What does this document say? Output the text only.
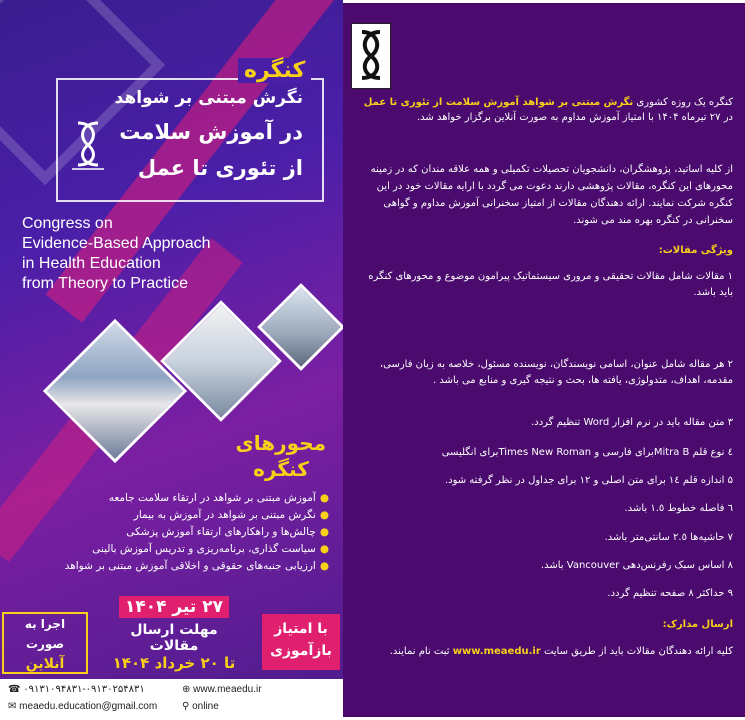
کنگره
نگرش مبتنی بر شواهد
در آموزش سلامت
از تئوری تا عمل
Congress on
Evidence-Based Approach
in Health Education
from Theory to Practice
محورهای
کنگره
●آموزش مبتنی بر شواهد در ارتقاء سلامت جامعه
●نگرش مبتنی بر شواهد در آموزش به بیمار
●چالش‌ها و راهکارهای ارتقاء آموزش پزشکی
●سیاست گذاری، برنامه‌ریزی و تدریس آموزش بالینی
●ارزیابی جنبه‌های حقوقی و اخلاقی آموزش مبتنی بر شواهد
۲۷ تیر ۱۴۰۴
مهلت ارسال مقالات
تا ۲۰ خرداد ۱۴۰۴
اجرا به صورت
آنلاین
با امتیاز
بازآموزی
☎ ۰۹۱۳۱۰۹۴۸۳۱-۰۹۱۳۰۲۵۴۸۳۱	⊕ www.meaedu.ir
✉ meaedu.education@gmail.com ⚲ online
کنگره یک روزه کشوری نگرش مبتنی بر شواهد آموزش سلامت از تئوری تا عمل در ۲۷ تیرماه ۱۴۰۴ با امتیاز آموزش مداوم به صورت آنلاین برگزار خواهد شد.
از کلیه اساتید، پژوهشگران، دانشجویان تحصیلات تکمیلی و همه علاقه مندان که در زمینه محورهای این کنگره، مقالات پژوهشی دارند دعوت می گردد با ارایه مقالات خود در این کنگره شرکت نمایند. ارائه دهندگان مقالات از امتیاز سخنرانی آموزش مداوم و گواهی سخنرانی در کنگره بهره مند می شوند.
ویژگی مقالات:
۱ مقالات شامل مقالات تحقیقی و مروری سیستماتیک پیرامون موضوع و محورهای کنگره باید باشد.
۲ هر مقاله شامل عنوان، اسامی نویسندگان، نویسنده مسئول، خلاصه به زبان فارسی، مقدمه، اهداف، متدولوژی، یافته ها، بحث و نتیجه گیری و منابع می باشد .
۳ متن مقاله باید در نرم افزار Word تنظیم گردد.
٤ نوع قلم Mitra Bبرای فارسی و Times New Romanبرای انگلیسی
۵ اندازه قلم ١٤ برای متن اصلی و ۱۲ برای جداول در نظر گرفته شود.
٦ فاصله خطوط ١.٥ باشد.
۷ حاشیه‌ها ٢.٥ سانتی‌متر باشد.
۸ اساس سبک رفرنس‌دهی Vancouver باشد.
۹ حداکثر ۸ صفحه تنظیم گردد.
ارسال مدارک:
کلیه ارائه دهندگان مقالات باید از طریق سایت www.meaedu.ir ثبت نام نمایند.
